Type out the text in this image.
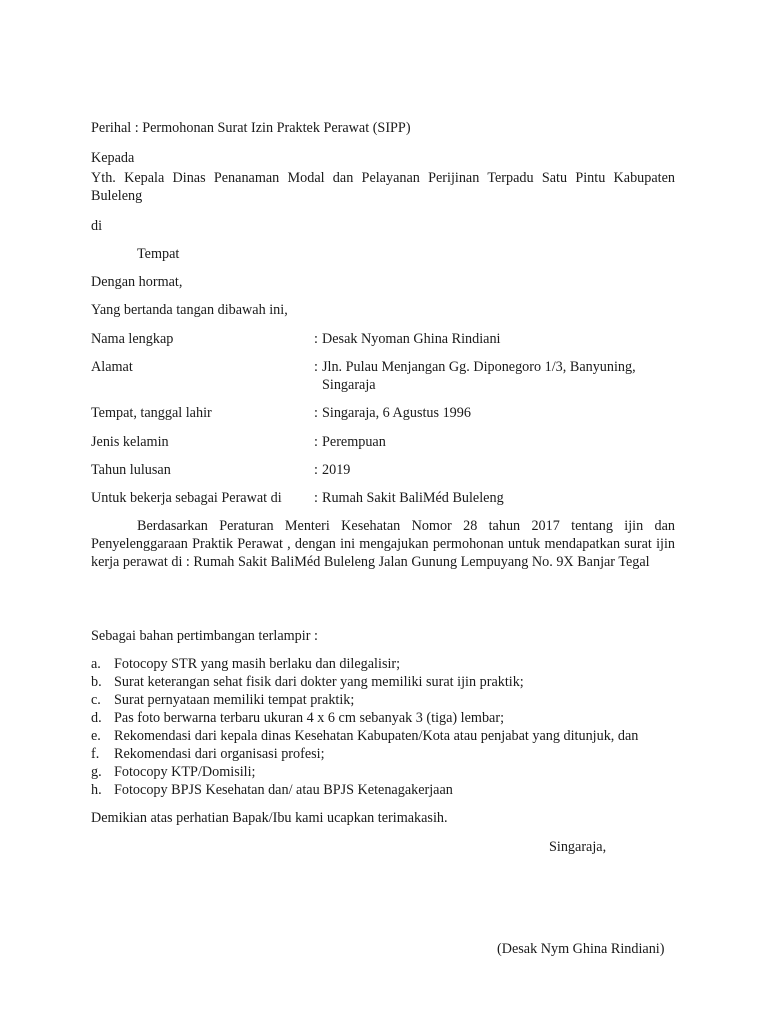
Perihal : Permohonan Surat Izin Praktek Perawat (SIPP)
Kepada
Yth. Kepala Dinas Penanaman Modal dan Pelayanan Perijinan Terpadu Satu Pintu Kabupaten Buleleng
di
Tempat
Dengan hormat,
Yang bertanda tangan dibawah ini,
Nama lengkap	: Desak Nyoman Ghina Rindiani
Alamat	: Jln. Pulau Menjangan Gg. Diponegoro 1/3, Banyuning,
Singaraja
Tempat, tanggal lahir	: Singaraja, 6 Agustus 1996
Jenis kelamin	: Perempuan
Tahun lulusan	: 2019
Untuk bekerja sebagai Perawat di : Rumah Sakit BaliMéd Buleleng
Berdasarkan Peraturan Menteri Kesehatan Nomor 28 tahun 2017 tentang ijin dan Penyelenggaraan Praktik Perawat , dengan ini mengajukan permohonan untuk mendapatkan surat ijin kerja perawat di : Rumah Sakit BaliMéd Buleleng Jalan Gunung Lempuyang No. 9X Banjar Tegal
Sebagai bahan pertimbangan terlampir :
a. Fotocopy STR yang masih berlaku dan dilegalisir;
b. Surat keterangan sehat fisik dari dokter yang memiliki surat ijin praktik;
c. Surat pernyataan memiliki tempat praktik;
d. Pas foto berwarna terbaru ukuran 4 x 6 cm sebanyak 3 (tiga) lembar;
e. Rekomendasi dari kepala dinas Kesehatan Kabupaten/Kota atau penjabat yang ditunjuk, dan
f. Rekomendasi dari organisasi profesi;
g. Fotocopy KTP/Domisili;
h. Fotocopy BPJS Kesehatan dan/ atau BPJS Ketenagakerjaan
Demikian atas perhatian Bapak/Ibu kami ucapkan terimakasih.
Singaraja,
(Desak Nym Ghina Rindiani)
